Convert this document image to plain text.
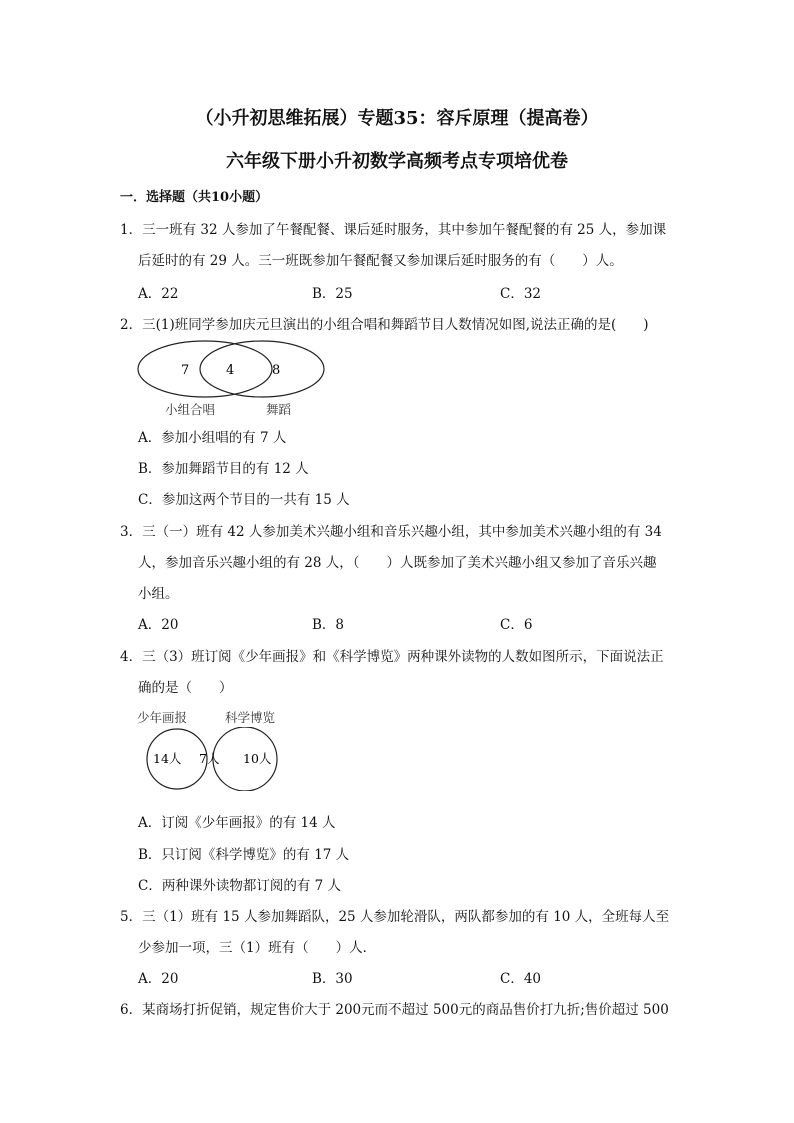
（小升初思维拓展）专题35：容斥原理（提高卷）
六年级下册小升初数学高频考点专项培优卷
一．选择题（共10小题）
1．三一班有 32 人参加了午餐配餐、课后延时服务，其中参加午餐配餐的有 25 人，参加课
后延时的有 29 人。三一班既参加午餐配餐又参加课后延时服务的有（　　）人。
A．22	B．25	C．32
2．三(1)班同学参加庆元旦演出的小组合唱和舞蹈节目人数情况如图,说法正确的是(　　)
7	4	8
小组合唱	舞蹈
A．参加小组唱的有 7 人
B．参加舞蹈节目的有 12 人
C．参加这两个节目的一共有 15 人
3．三（一）班有 42 人参加美术兴趣小组和音乐兴趣小组，其中参加美术兴趣小组的有 34
人，参加音乐兴趣小组的有 28 人，（　　）人既参加了美术兴趣小组又参加了音乐兴趣
小组。
A．20	B．8	C．6
4．三（3）班订阅《少年画报》和《科学博览》两种课外读物的人数如图所示，下面说法正
确的是（　　）
少年画报	科学博览
14人 7人 10人
A．订阅《少年画报》的有 14 人
B．只订阅《科学博览》的有 17 人
C．两种课外读物都订阅的有 7 人
5．三（1）班有 15 人参加舞蹈队，25 人参加轮滑队，两队都参加的有 10 人，全班每人至
少参加一项，三（1）班有（　　）人．
A．20	B．30	C．40
6．某商场打折促销，规定售价大于 200元而不超过 500元的商品售价打九折;售价超过 500
